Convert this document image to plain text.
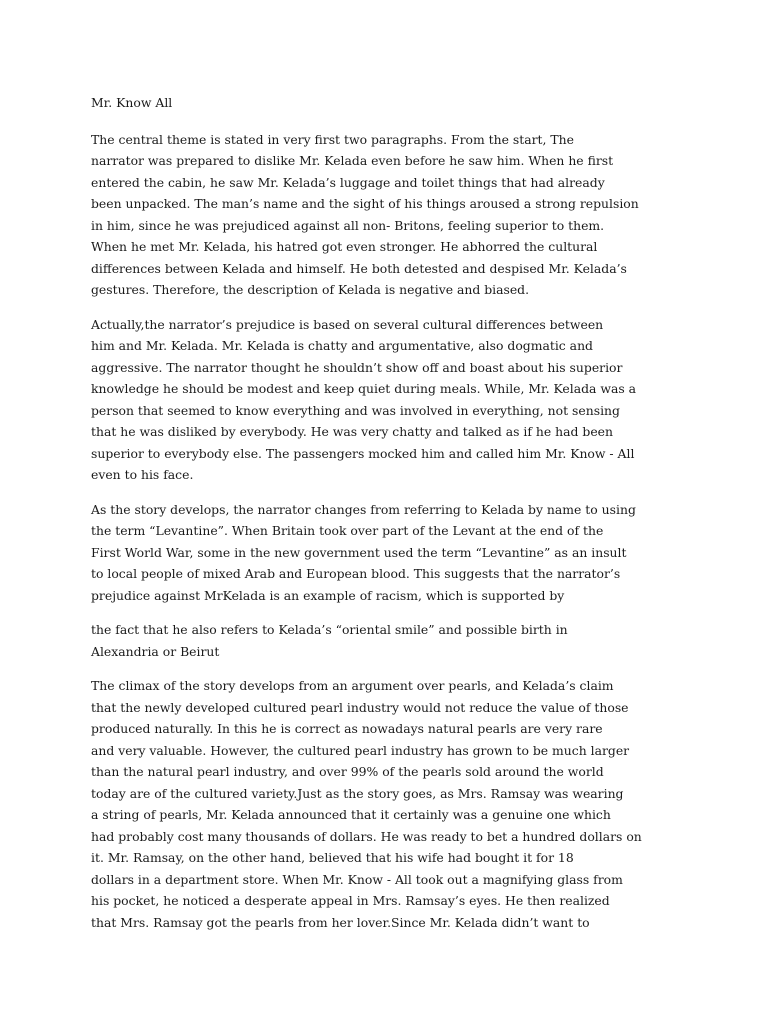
Mr. Know All
The central theme is stated in very first two paragraphs. From the start, The
narrator was prepared to dislike Mr. Kelada even before he saw him. When he first
entered the cabin, he saw Mr. Kelada’s luggage and toilet things that had already
been unpacked. The man’s name and the sight of his things aroused a strong repulsion
in him, since he was prejudiced against all non- Britons, feeling superior to them.
When he met Mr. Kelada, his hatred got even stronger. He abhorred the cultural
differences between Kelada and himself. He both detested and despised Mr. Kelada’s
gestures. Therefore, the description of Kelada is negative and biased.
Actually,the narrator’s prejudice is based on several cultural differences between
him and Mr. Kelada. Mr. Kelada is chatty and argumentative, also dogmatic and
aggressive. The narrator thought he shouldn’t show off and boast about his superior
knowledge he should be modest and keep quiet during meals. While, Mr. Kelada was a
person that seemed to know everything and was involved in everything, not sensing
that he was disliked by everybody. He was very chatty and talked as if he had been
superior to everybody else. The passengers mocked him and called him Mr. Know - All
even to his face.
As the story develops, the narrator changes from referring to Kelada by name to using
the term “Levantine”. When Britain took over part of the Levant at the end of the
First World War, some in the new government used the term “Levantine” as an insult
to local people of mixed Arab and European blood. This suggests that the narrator’s
prejudice against MrKelada is an example of racism, which is supported by
the fact that he also refers to Kelada’s “oriental smile” and possible birth in
Alexandria or Beirut
The climax of the story develops from an argument over pearls, and Kelada’s claim
that the newly developed cultured pearl industry would not reduce the value of those
produced naturally. In this he is correct as nowadays natural pearls are very rare
and very valuable. However, the cultured pearl industry has grown to be much larger
than the natural pearl industry, and over 99% of the pearls sold around the world
today are of the cultured variety.Just as the story goes, as Mrs. Ramsay was wearing
a string of pearls, Mr. Kelada announced that it certainly was a genuine one which
had probably cost many thousands of dollars. He was ready to bet a hundred dollars on
it. Mr. Ramsay, on the other hand, believed that his wife had bought it for 18
dollars in a department store. When Mr. Know - All took out a magnifying glass from
his pocket, he noticed a desperate appeal in Mrs. Ramsay’s eyes. He then realized
that Mrs. Ramsay got the pearls from her lover.Since Mr. Kelada didn’t want to
